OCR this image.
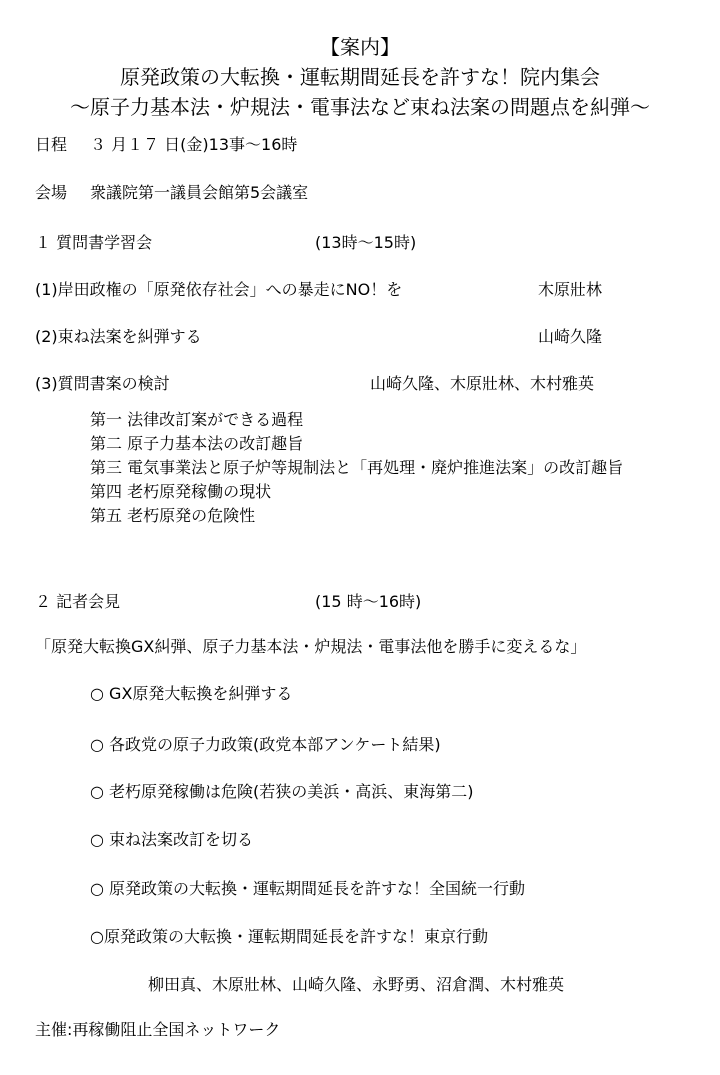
【案内】
原発政策の大転換・運転期間延長を許すな！院内集会
～原子力基本法・炉規法・電事法など束ね法案の問題点を糾弾～
日程 ３ 月１７ 日(金)13事～16時
会場 衆議院第一議員会館第5会議室
１ 質問書学習会	(13時～15時)
(1)岸田政権の「原発依存社会」への暴走にNO！を	木原壯林
(2)束ね法案を糾弾する	山崎久隆
(3)質問書案の検討	山崎久隆、木原壯林、木村雅英
第一 法律改訂案ができる過程
第二 原子力基本法の改訂趣旨
第三 電気事業法と原子炉等規制法と「再処理・廃炉推進法案」の改訂趣旨
第四 老朽原発稼働の現状
第五 老朽原発の危険性
２ 記者会見	(15 時～16時)
「原発大転換GX糾弾、原子力基本法・炉規法・電事法他を勝手に変えるな」
○ GX原発大転換を糾弾する
○ 各政党の原子力政策(政党本部アンケート結果)
○ 老朽原発稼働は危険(若狭の美浜・高浜、東海第二)
○ 束ね法案改訂を切る
○ 原発政策の大転換・運転期間延長を許すな！全国統一行動
○原発政策の大転換・運転期間延長を許すな！東京行動
柳田真、木原壯林、山崎久隆、永野勇、沼倉潤、木村雅英
主催:再稼働阻止全国ネットワーク
